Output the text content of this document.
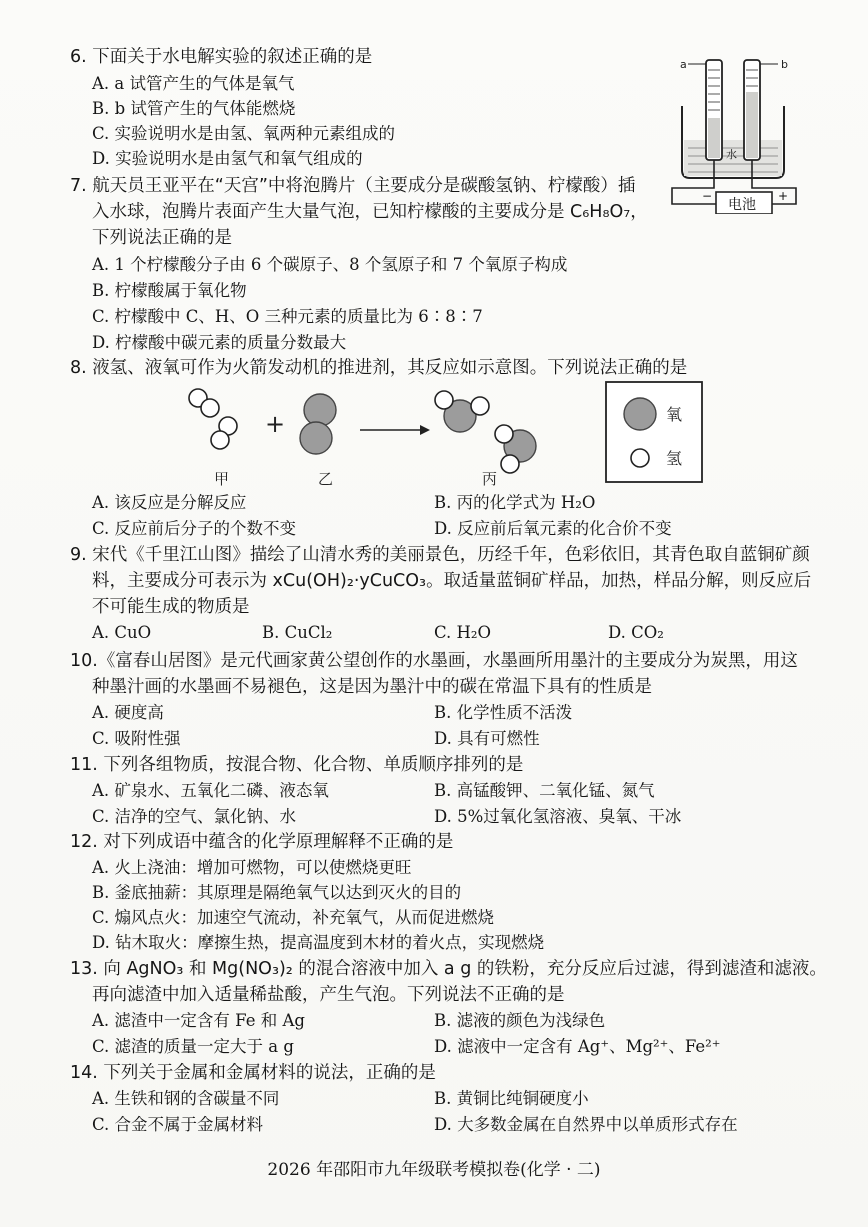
6. 下面关于水电解实验的叙述正确的是
A. a 试管产生的气体是氧气
B. b 试管产生的气体能燃烧
C. 实验说明水是由氢、氧两种元素组成的
D. 实验说明水是由氢气和氧气组成的
a	b
水
电池
−	+
7. 航天员王亚平在“天宫”中将泡腾片（主要成分是碳酸氢钠、柠檬酸）插
入水球，泡腾片表面产生大量气泡，已知柠檬酸的主要成分是 C₆H₈O₇，
下列说法正确的是
A. 1 个柠檬酸分子由 6 个碳原子、8 个氢原子和 7 个氧原子构成
B. 柠檬酸属于氧化物
C. 柠檬酸中 C、H、O 三种元素的质量比为 6∶8∶7
D. 柠檬酸中碳元素的质量分数最大
8. 液氢、液氧可作为火箭发动机的推进剂，其反应如示意图。下列说法正确的是
+
甲	乙	丙
氧
氢
A. 该反应是分解反应	B. 丙的化学式为 H₂O
C. 反应前后分子的个数不变	D. 反应前后氧元素的化合价不变
9. 宋代《千里江山图》描绘了山清水秀的美丽景色，历经千年，色彩依旧，其青色取自蓝铜矿颜
料，主要成分可表示为 xCu(OH)₂·yCuCO₃。取适量蓝铜矿样品，加热，样品分解，则反应后
不可能生成的物质是
A. CuO	B. CuCl₂	C. H₂O	D. CO₂
10.《富春山居图》是元代画家黄公望创作的水墨画，水墨画所用墨汁的主要成分为炭黑，用这
种墨汁画的水墨画不易褪色，这是因为墨汁中的碳在常温下具有的性质是
A. 硬度高	B. 化学性质不活泼
C. 吸附性强	D. 具有可燃性
11. 下列各组物质，按混合物、化合物、单质顺序排列的是
A. 矿泉水、五氧化二磷、液态氧	B. 高锰酸钾、二氧化锰、氮气
C. 洁净的空气、氯化钠、水	D. 5%过氧化氢溶液、臭氧、干冰
12. 对下列成语中蕴含的化学原理解释不正确的是
A. 火上浇油：增加可燃物，可以使燃烧更旺
B. 釜底抽薪：其原理是隔绝氧气以达到灭火的目的
C. 煽风点火：加速空气流动，补充氧气，从而促进燃烧
D. 钻木取火：摩擦生热，提高温度到木材的着火点，实现燃烧
13. 向 AgNO₃ 和 Mg(NO₃)₂ 的混合溶液中加入 a g 的铁粉，充分反应后过滤，得到滤渣和滤液。
再向滤渣中加入适量稀盐酸，产生气泡。下列说法不正确的是
A. 滤渣中一定含有 Fe 和 Ag	B. 滤液的颜色为浅绿色
C. 滤渣的质量一定大于 a g	D. 滤液中一定含有 Ag⁺、Mg²⁺、Fe²⁺
14. 下列关于金属和金属材料的说法，正确的是
A. 生铁和钢的含碳量不同	B. 黄铜比纯铜硬度小
C. 合金不属于金属材料	D. 大多数金属在自然界中以单质形式存在
2026 年邵阳市九年级联考模拟卷(化学 · 二)
